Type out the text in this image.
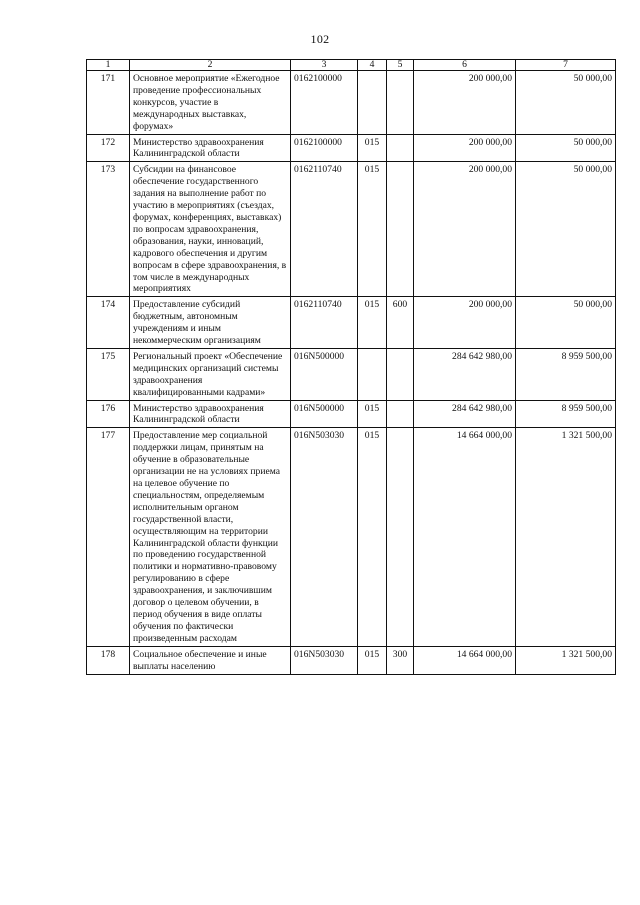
102
1	2	3	4	5	6	7
171	Основное мероприятие «Ежегодное проведение профессиональных конкурсов, участие в международных выставках, форумах»	0162100000			200 000,00	50 000,00
172	Министерство здравоохранения Калининградской области	0162100000	015		200 000,00	50 000,00
173	Субсидии на финансовое обеспечение государственного задания на выполнение работ по участию в мероприятиях (съездах, форумах, конференциях, выставках) по вопросам здравоохранения, образования, науки, инноваций, кадрового обеспечения и другим вопросам в сфере здравоохранения, в том числе в международных мероприятиях	0162110740	015		200 000,00	50 000,00
174	Предоставление субсидий бюджетным, автономным учреждениям и иным некоммерческим организациям	0162110740	015	600	200 000,00	50 000,00
175	Региональный проект «Обеспечение медицинских организаций системы здравоохранения квалифицированными кадрами»	016N500000			284 642 980,00	8 959 500,00
176	Министерство здравоохранения Калининградской области	016N500000	015		284 642 980,00	8 959 500,00
177	Предоставление мер социальной поддержки лицам, принятым на обучение в образовательные организации не на условиях приема на целевое обучение по специальностям, определяемым исполнительным органом государственной власти, осуществляющим на территории Калининградской области функции по проведению государственной политики и нормативно-правовому регулированию в сфере здравоохранения, и заключившим договор о целевом обучении, в период обучения в виде оплаты обучения по фактически произведенным расходам	016N503030	015		14 664 000,00	1 321 500,00
178	Социальное обеспечение и иные выплаты населению	016N503030	015	300	14 664 000,00	1 321 500,00
